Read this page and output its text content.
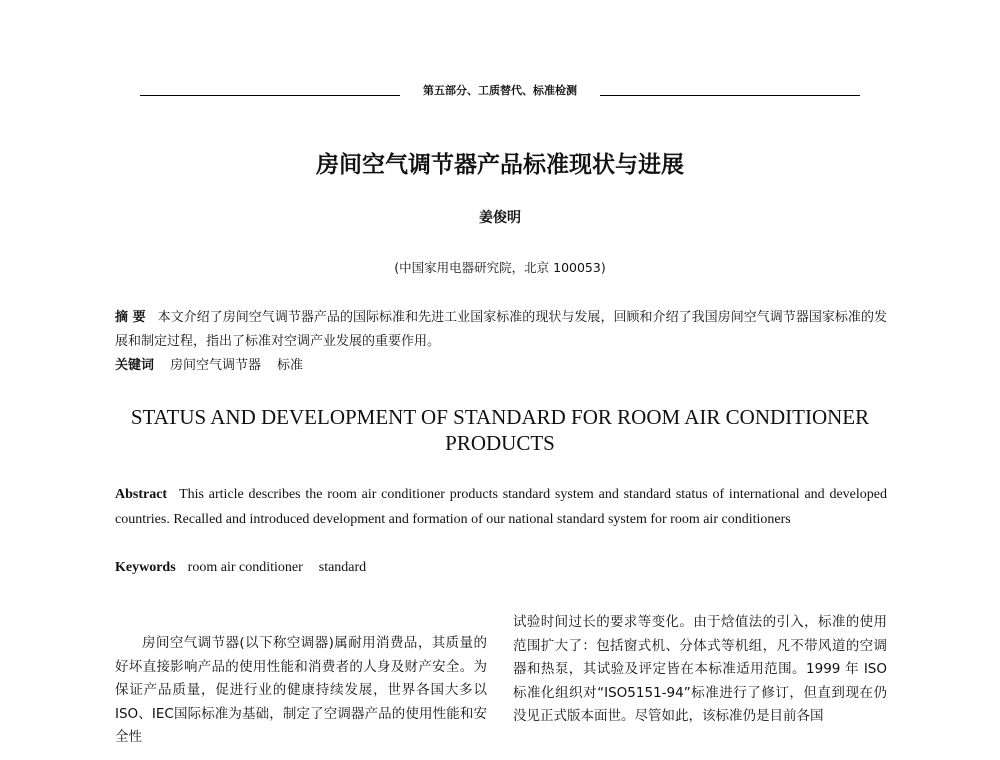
第五部分、工质替代、标准检测
房间空气调节器产品标准现状与进展
姜俊明
(中国家用电器研究院，北京 100053)
摘 要 本文介绍了房间空气调节器产品的国际标准和先进工业国家标准的现状与发展，回顾和介绍了我国房间空气调节器国家标准的发展和制定过程，指出了标准对空调产业发展的重要作用。
关键词 房间空气调节器 标准
STATUS AND DEVELOPMENT OF STANDARD FOR ROOM AIR CONDITIONER PRODUCTS
Abstract This article describes the room air conditioner products standard system and standard status of international and developed countries. Recalled and introduced development and formation of our national standard system for room air conditioners
Keywords room air conditioner standard
房间空气调节器(以下称空调器)属耐用消费品，其质量的好坏直接影响产品的使用性能和消费者的人身及财产安全。为保证产品质量，促进行业的健康持续发展，世界各国大多以ISO、IEC国际标准为基础，制定了空调器产品的使用性能和安全性
试验时间过长的要求等变化。由于焓值法的引入，标准的使用范围扩大了：包括窗式机、分体式等机组，凡不带风道的空调器和热泵，其试验及评定皆在本标准适用范围。1999 年 ISO 标准化组织对“ISO5151-94”标准进行了修订，但直到现在仍没见正式版本面世。尽管如此，该标准仍是目前各国
